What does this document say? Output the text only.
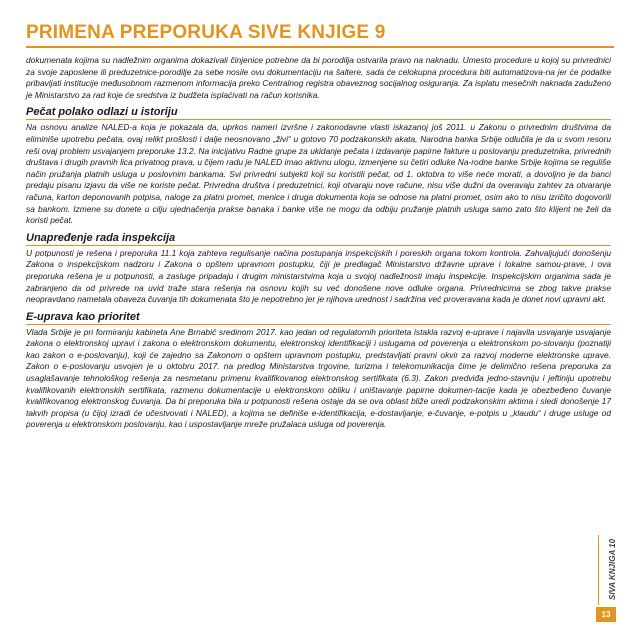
PRIMENA PREPORUKA SIVE KNJIGE 9

dokumenata kojima su nadležnim organima dokazivali činjenice potrebne da bi porodilja ostvarila pravo na naknadu. Umesto procedure u kojoj su privrednici za svoje zaposlene ili preduzetnice-porodilje za sebe nosile ovu dokumentaciju na šaltere, sada će celokupna procedura biti automatizova-na jer će podatke pribavljati institucije međusobnom razmenom informacija preko Centralnog registra obaveznog socijalnog osiguranja. Za isplatu mesečnih naknada zaduženo je Ministarstvo za rad koje će sredstva iz budžeta isplaćivati na račun korisnika.

Pečat polako odlazi u istoriju

Na osnovu analize NALED-a koja je pokazala da, uprkos nameri izvršne i zakonodavne vlasti iskazanoj još 2011. u Zakonu o privrednim društvima da eliminiše upotrebu pečata, ovaj relikt prošlosti i dalje neosnovano „živi“ u gotovo 70 podzakonskih akata, Narodna banka Srbije odlučila je da u svom resoru reši ovaj problem usvajanjem preporuke 13.2. Na inicijativu Radne grupe za ukidanje pečata i izdavanje papirne fakture u poslovanju preduzetnika, privrednih društava i drugih pravnih lica privatnog prava, u čijem radu je NALED imao aktivnu ulogu, izmenjene su četiri odluke Na-rodne banke Srbije kojima se reguliše način pružanja platnih usluga u poslovnim bankama. Svi privredni subjekti koji su koristili pečat, od 1. oktobra to više neće morati, a dovoljno je da banci predaju pisanu izjavu da više ne koriste pečat. Privredna društva i preduzetnici, koji otvaraju nove račune, nisu više dužni da overavaju zahtev za otvaranje računa, karton deponovanih potpisa, naloge za platni promet, menice i druga dokumenta koja se odnose na platni promet, osim ako to nisu izričito dogovorili sa bankom. Izmene su donete u cilju ujednačenja prakse banaka i banke više ne mogu da odbiju pružanje platnih usluga samo zato što klijent ne želi da koristi pečat.

Unapređenje rada inspekcija

U potpunosti je rešena i preporuka 11.1 koja zahteva regulisanje načina postupanja inspekcijskih i poreskih organa tokom kontrola. Zahvaljujući donošenju Zakona o inspekcijskom nadzoru i Zakona o opštem upravnom postupku, čiji je predlagač Ministarstvo državne uprave i lokalne samou-prave, i ova preporuka rešena je u potpunosti, a zasluge pripadaju i drugim ministarstvima koja u svojoj nadležnosti imaju inspekcije. Inspekcijskim organima sada je zabranjeno da od privrede na uvid traže stara rešenja na osnovu kojih su već donošene nove odluke organa. Privrednicima se zbog takve prakse neopravdano nametala obaveza čuvanja tih dokumenata što je nepotrebno jer je njihova urednost i sadržina već proveravana kada je donet novi upravni akt.

E-uprava kao prioritet

Vlada Srbije je pri formiranju kabineta Ane Brnabić sredinom 2017. kao jedan od regulatornih prioriteta istakla razvoj e-uprave i najavila usvajanje usvajanje zakona o elektronskoj upravi i zakona o elektronskom dokumentu, elektronskoj identifikaciji i uslugama od poverenja u elektronskom po-slovanju (poznatiji kao zakon o e-poslovanju), koji će zajedno sa Zakonom o opštem upravnom postupku, predstavljati pravni okvir za razvoj moderne elektronske uprave. Zakon o e-poslovanju usvojen je u oktobru 2017. na predlog Ministarstva trgovine, turizma i telekomunikacija čime je delimično rešena preporuka za usaglašavanje tehnološkog rešenja za nesmetanu primenu kvalifikovanog elektronskog sertifikata (6.3). Zakon predviđa jedno-stavniju i jeftiniju upotrebu kvalifikovanih elektronskih sertifikata, razmenu dokumentacije u elektronskom obliku i uništavanje papirne dokumen-tacije kada je obezbeđeno čuvanje kvalifikovanog elektronskog čuvanja. Da bi preporuka bila u potpunosti rešena ostaje da se ova oblast bliže uredi podzakonskim aktima i sledi donošenje 17 takvih propisa (u čijoj izradi će učestvovati i NALED), a kojima se definiše e-identifikacija, e-dostavljanje, e-čuvanje, e-potpis u „klaudu“ i druge usluge od poverenja u elektronskom poslovanju, kao i uspostavljanje mreže pružalaca usluga od poverenja.

SIVA KNJIGA 10
13
